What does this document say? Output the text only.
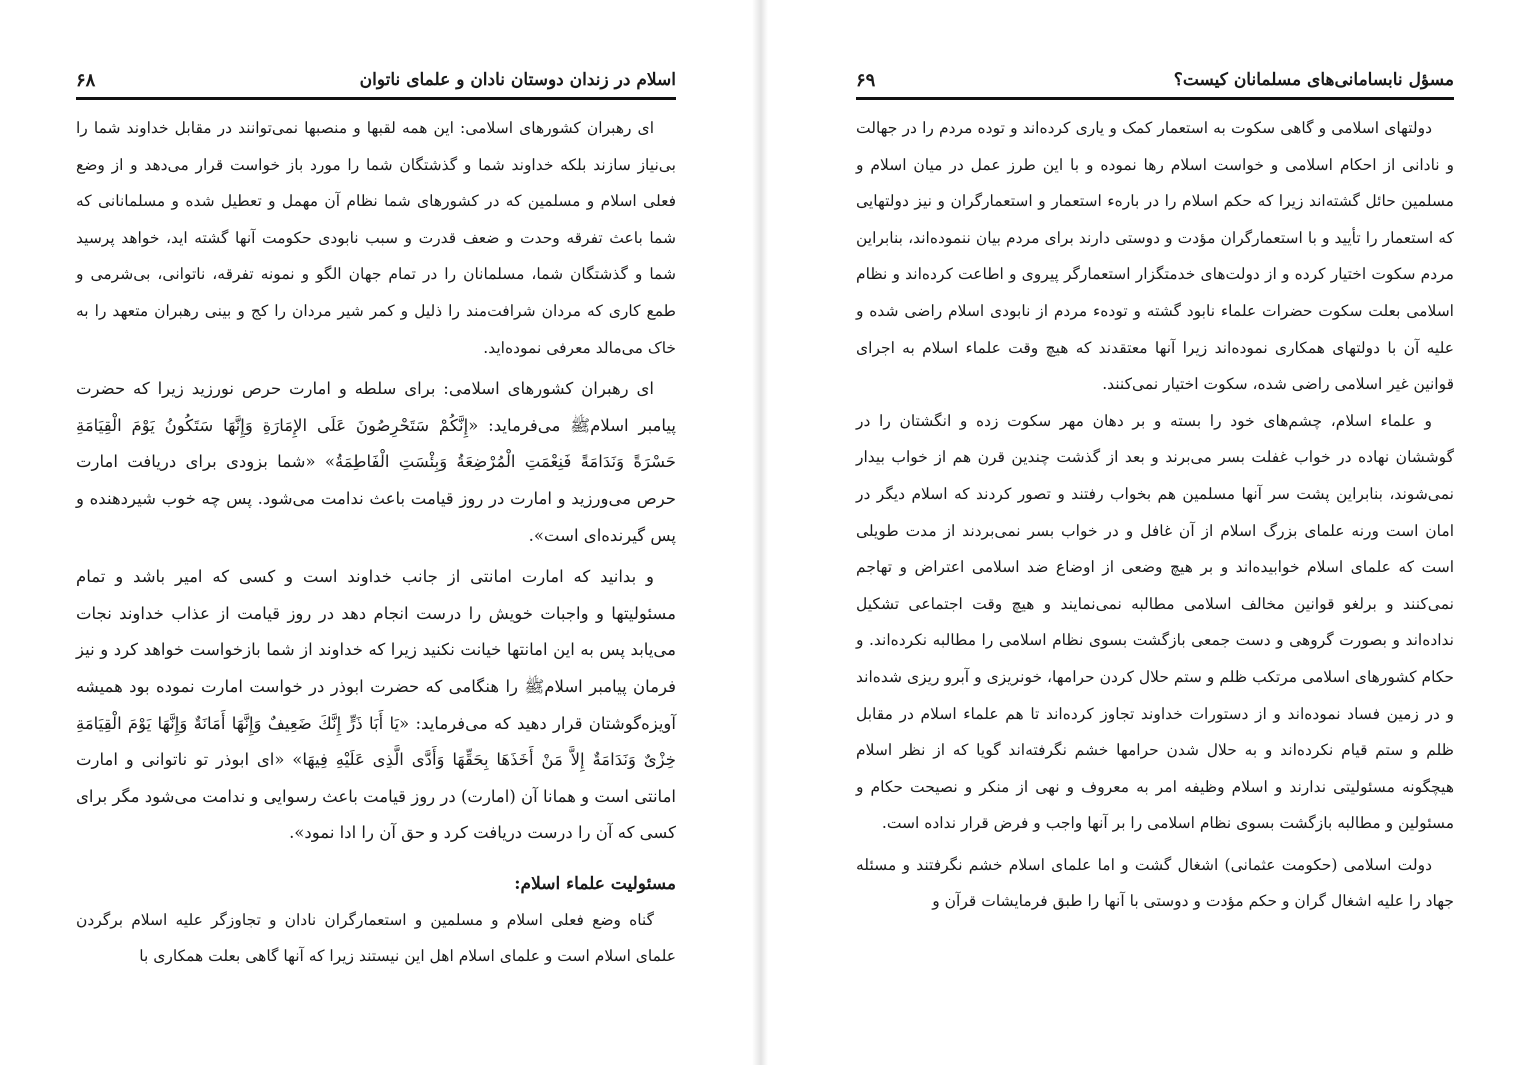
اسلام در زندان دوستان نادان و علمای ناتوان
۶۸

ای رهبران کشورهای اسلامی: این همه لقبها و منصبها نمی‌توانند در مقابل خداوند شما را بی‌نیاز سازند بلکه خداوند شما و گذشتگان شما را مورد باز خواست قرار می‌دهد و از وضع فعلی اسلام و مسلمین که در کشورهای شما نظام آن مهمل و تعطیل شده و مسلمانانی که شما باعث تفرقه وحدت و ضعف قدرت و سبب نابودی حکومت آنها گشته اید، خواهد پرسید شما و گذشتگان شما، مسلمانان را در تمام جهان الگو و نمونه تفرقه، ناتوانی، بی‌شرمی و طمع کاری که مردان شرافت‌مند را ذلیل و کمر شیر مردان را کج و بینی رهبران متعهد را به خاک می‌مالد معرفی نموده‌اید.

ای رهبران کشورهای اسلامی: برای سلطه و امارت حرص نورزید زیرا که حضرت پیامبر اسلامﷺ می‌فرماید: «إِنَّكُمْ سَتَحْرِصُونَ عَلَى الإِمَارَةِ وَإِنَّهَا سَتَكُونُ يَوْمَ الْقِيَامَةِ حَسْرَةً وَنَدَامَةً فَنِعْمَتِ الْمُرْضِعَةُ وَبِئْسَتِ الْفَاطِمَةُ» «شما بزودی برای دریافت امارت حرص می‌ورزید و امارت در روز قیامت باعث ندامت می‌شود. پس چه خوب شیردهنده و پس گیرنده‌ای است».

و بدانید که امارت امانتی از جانب خداوند است و کسی که امیر باشد و تمام مسئولیتها و واجبات خویش را درست انجام دهد در روز قیامت از عذاب خداوند نجات می‌یابد پس به این امانتها خیانت نکنید زیرا که خداوند از شما بازخواست خواهد کرد و نیز فرمان پیامبر اسلامﷺ را هنگامی که حضرت ابوذر در خواست امارت نموده بود همیشه آویزه‌گوشتان قرار دهید که می‌فرماید: «يَا أَبَا ذَرٍّ إِنَّكَ ضَعِيفٌ وَإِنَّهَا أَمَانَةٌ وَإِنَّهَا يَوْمَ الْقِيَامَةِ خِزْىٌ وَنَدَامَةٌ إِلاَّ مَنْ أَخَذَهَا بِحَقِّهَا وَأَدَّى الَّذِى عَلَيْهِ فِيهَا» «ای ابوذر تو ناتوانی و امارت امانتی است و همانا آن (امارت) در روز قیامت باعث رسوایی و ندامت می‌شود مگر برای کسی که آن را درست دریافت کرد و حق آن را ادا نمود».

مسئولیت علماء اسلام:

گناه وضع فعلی اسلام و مسلمین و استعمارگران نادان و تجاوزگر علیه اسلام برگردن علمای اسلام است و علمای اسلام اهل این نیستند زیرا که آنها گاهی بعلت همکاری با

مسؤل نابسامانی‌های مسلمانان کیست؟
۶۹

دولتهای اسلامی و گاهی سکوت به استعمار کمک و یاری کرده‌اند و توده مردم را در جهالت و نادانی از احکام اسلامی و خواست اسلام رها نموده و با این طرز عمل در میان اسلام و مسلمین حائل گشته‌اند زیرا که حکم اسلام را در باره‌ء استعمار و استعمارگران و نیز دولتهایی که استعمار را تأیید و با استعمارگران مؤدت و دوستی دارند برای مردم بیان ننموده‌اند، بنابراین مردم سکوت اختیار کرده و از دولت‌های خدمتگزار استعمارگر پیروی و اطاعت کرده‌اند و نظام اسلامی بعلت سکوت حضرات علماء نابود گشته و توده‌ء مردم از نابودی اسلام راضی شده و علیه آن با دولتهای همکاری نموده‌اند زیرا آنها معتقدند که هیچ وقت علماء اسلام به اجرای قوانین غیر اسلامی راضی شده، سکوت اختیار نمی‌کنند.

و علماء اسلام، چشم‌های خود را بسته و بر دهان مهر سکوت زده و انگشتان را در گوششان نهاده در خواب غفلت بسر می‌برند و بعد از گذشت چندین قرن هم از خواب بیدار نمی‌شوند، بنابراین پشت سر آنها مسلمین هم بخواب رفتند و تصور کردند که اسلام دیگر در امان است ورنه علمای بزرگ اسلام از آن غافل و در خواب بسر نمی‌بردند از مدت طویلی است که علمای اسلام خوابیده‌اند و بر هیچ وضعی از اوضاع ضد اسلامی اعتراض و تهاجم نمی‌کنند و برلغو قوانین مخالف اسلامی مطالبه نمی‌نمایند و هیچ وقت اجتماعی تشکیل نداده‌اند و بصورت گروهی و دست جمعی بازگشت بسوی نظام اسلامی را مطالبه نکرده‌اند. و حکام کشورهای اسلامی مرتکب ظلم و ستم حلال کردن حرامها، خونریزی و آبرو ریزی شده‌اند و در زمین فساد نموده‌اند و از دستورات خداوند تجاوز کرده‌اند تا هم علماء اسلام در مقابل ظلم و ستم قیام نکرده‌اند و به حلال شدن حرامها خشم نگرفته‌اند گویا که از نظر اسلام هیچگونه مسئولیتی ندارند و اسلام وظیفه امر به معروف و نهی از منکر و نصیحت حکام و مسئولین و مطالبه بازگشت بسوی نظام اسلامی را بر آنها واجب و فرض قرار نداده است.

دولت اسلامی (حکومت عثمانی) اشغال گشت و اما علمای اسلام خشم نگرفتند و مسئله جهاد را علیه اشغال گران و حکم مؤدت و دوستی با آنها را طبق فرمایشات قرآن و
